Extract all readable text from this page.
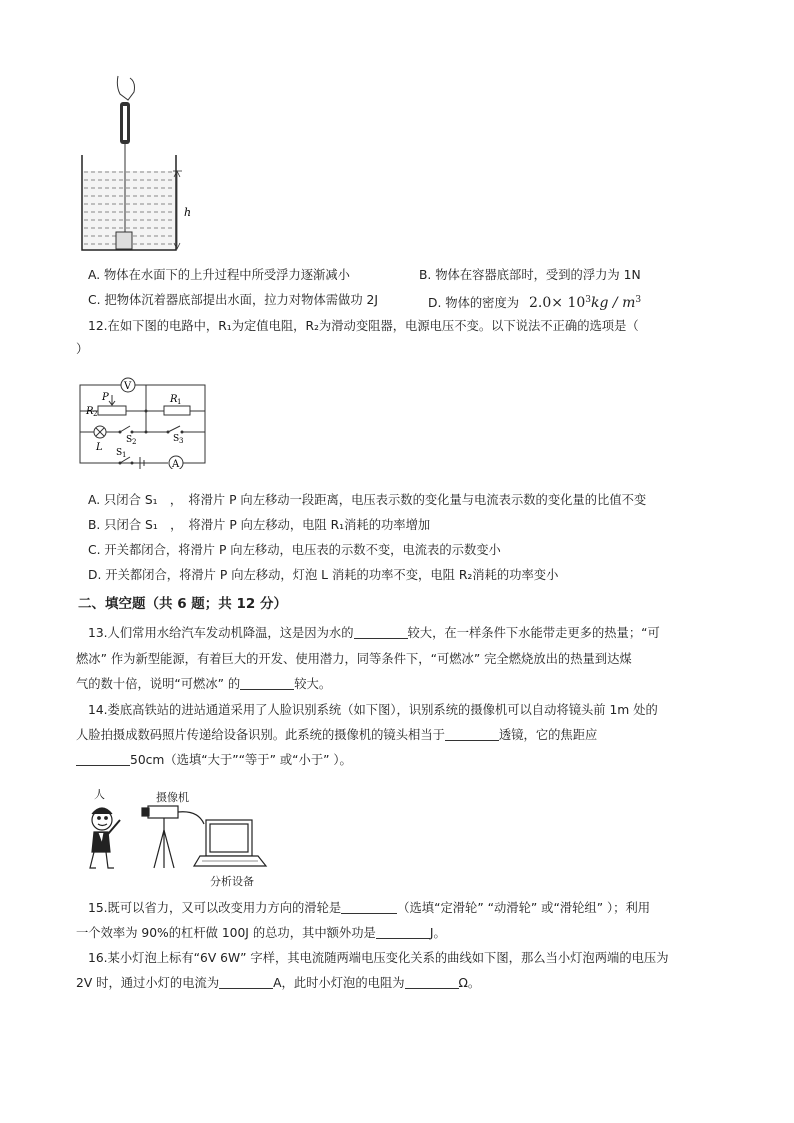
h
A. 物体在水面下的上升过程中所受浮力逐渐减小	B. 物体在容器底部时，受到的浮力为 1N
C. 把物体沉着器底部提出水面，拉力对物体需做功 2J	D. 物体的密度为 $2.0\times 10^3kg / m^3$
12.在如下图的电路中，R₁为定值电阻，R₂为滑动变阻器，电源电压不变。以下说法不正确的选项是（
）
V
A
P
R 2
R 1
L
S 2	S 3
S 1
A. 只闭合 S₁　，　将滑片 P 向左移动一段距离，电压表示数的变化量与电流表示数的变化量的比值不变
B. 只闭合 S₁　，　将滑片 P 向左移动，电阻 R₁消耗的功率增加
C. 开关都闭合，将滑片 P 向左移动，电压表的示数不变，电流表的示数变小
D. 开关都闭合，将滑片 P 向左移动，灯泡 L 消耗的功率不变，电阻 R₂消耗的功率变小
二、填空题（共 6 题；共 12 分）
13.人们常用水给汽车发动机降温，这是因为水的	较大，在一样条件下水能带走更多的热量；“可
燃冰” 作为新型能源，有着巨大的开发、使用潜力，同等条件下，“可燃冰” 完全燃烧放出的热量到达煤
气的数十倍，说明“可燃冰” 的	较大。
14.娄底高铁站的进站通道采用了人脸识别系统（如下图），识别系统的摄像机可以自动将镜头前 1m 处的
人脸拍摄成数码照片传递给设备识别。此系统的摄像机的镜头相当于	透镜，它的焦距应
50cm（选填“大于”“等于” 或“小于” ）。
人	摄像机
分析设备
15.既可以省力，又可以改变用力方向的滑轮是	（选填“定滑轮” “动滑轮” 或“滑轮组” ）；利用
一个效率为 90%的杠杆做 100J 的总功，其中额外功是	J。
16.某小灯泡上标有“6V 6W” 字样，其电流随两端电压变化关系的曲线如下图，那么当小灯泡两端的电压为
2V 时，通过小灯的电流为	A，此时小灯泡的电阻为	Ω。
